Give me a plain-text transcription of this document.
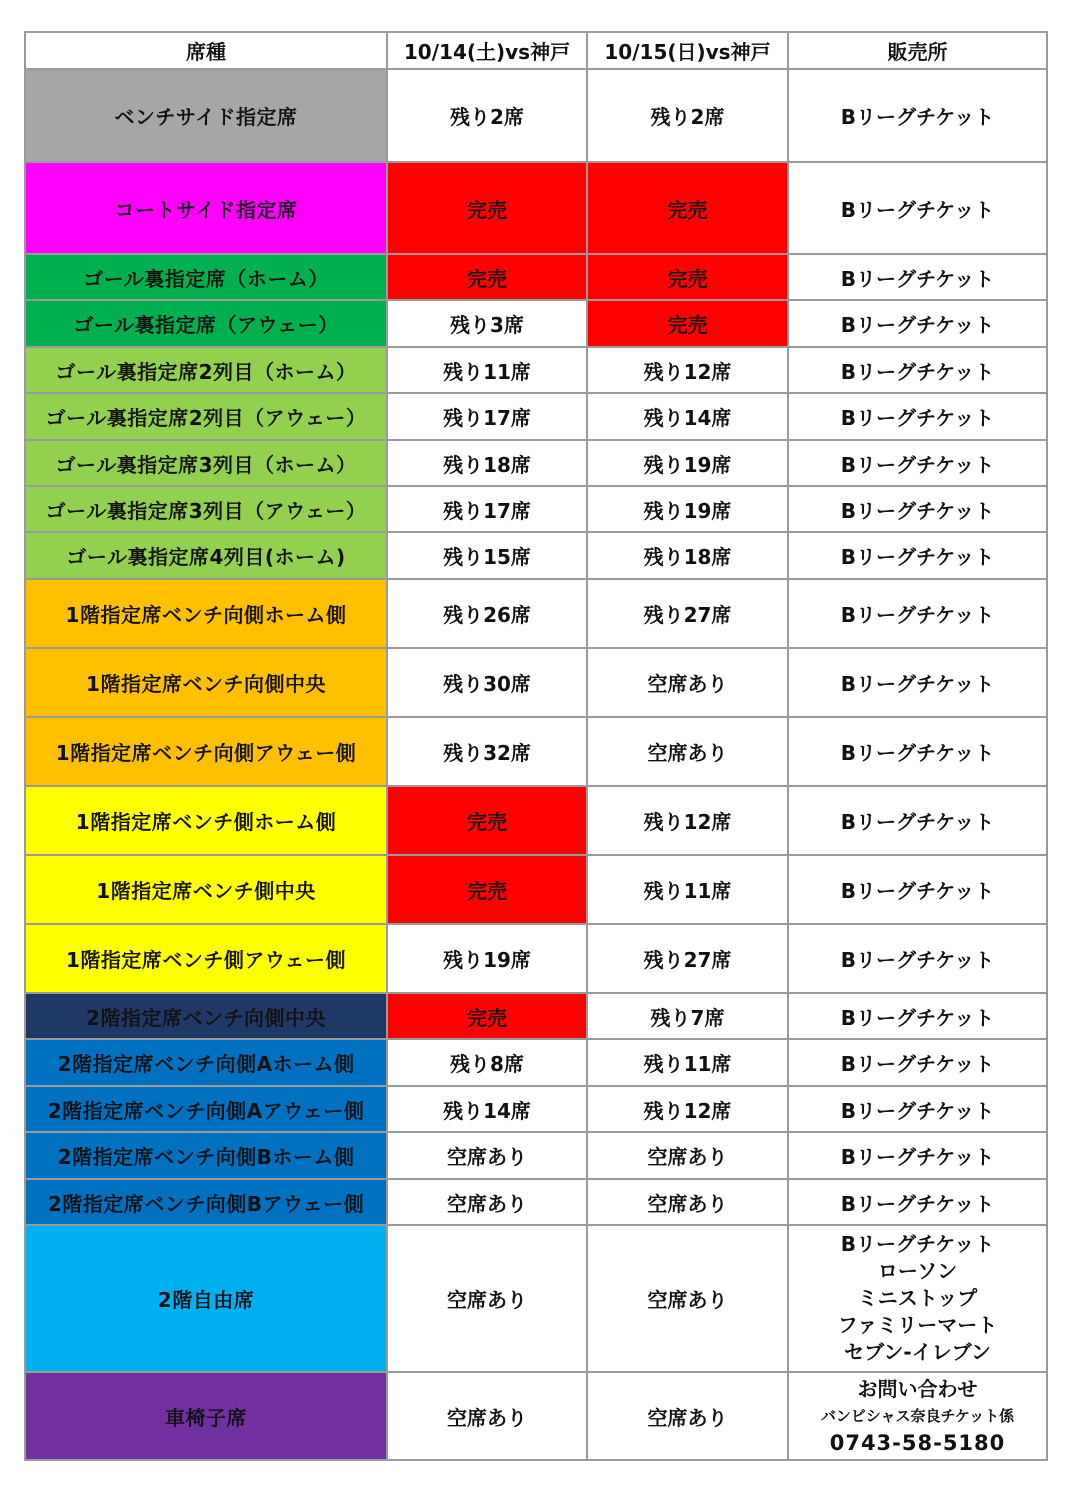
席種	10/14(土)vs神戸	10/15(日)vs神戸	販売所
ベンチサイド指定席	残り2席	残り2席	Bリーグチケット
コートサイド指定席	完売	完売	Bリーグチケット
ゴール裏指定席（ホーム）	完売	完売	Bリーグチケット
ゴール裏指定席（アウェー）	残り3席	完売	Bリーグチケット
ゴール裏指定席2列目（ホーム）	残り11席	残り12席	Bリーグチケット
ゴール裏指定席2列目（アウェー）	残り17席	残り14席	Bリーグチケット
ゴール裏指定席3列目（ホーム）	残り18席	残り19席	Bリーグチケット
ゴール裏指定席3列目（アウェー）	残り17席	残り19席	Bリーグチケット
ゴール裏指定席4列目(ホーム)	残り15席	残り18席	Bリーグチケット
1階指定席ベンチ向側ホーム側	残り26席	残り27席	Bリーグチケット
1階指定席ベンチ向側中央	残り30席	空席あり	Bリーグチケット
1階指定席ベンチ向側アウェー側	残り32席	空席あり	Bリーグチケット
1階指定席ベンチ側ホーム側	完売	残り12席	Bリーグチケット
1階指定席ベンチ側中央	完売	残り11席	Bリーグチケット
1階指定席ベンチ側アウェー側	残り19席	残り27席	Bリーグチケット
2階指定席ベンチ向側中央	完売	残り7席	Bリーグチケット
2階指定席ベンチ向側Aホーム側	残り8席	残り11席	Bリーグチケット
2階指定席ベンチ向側Aアウェー側	残り14席	残り12席	Bリーグチケット
2階指定席ベンチ向側Bホーム側	空席あり	空席あり	Bリーグチケット
2階指定席ベンチ向側Bアウェー側	空席あり	空席あり	Bリーグチケット
2階自由席	空席あり	空席あり	Bリーグチケット
ローソン
ミニストップ
ファミリーマート
セブン-イレブン

車椅子席	空席あり	空席あり	お問い合わせ
バンビシャス奈良チケット係
0743-58-5180
